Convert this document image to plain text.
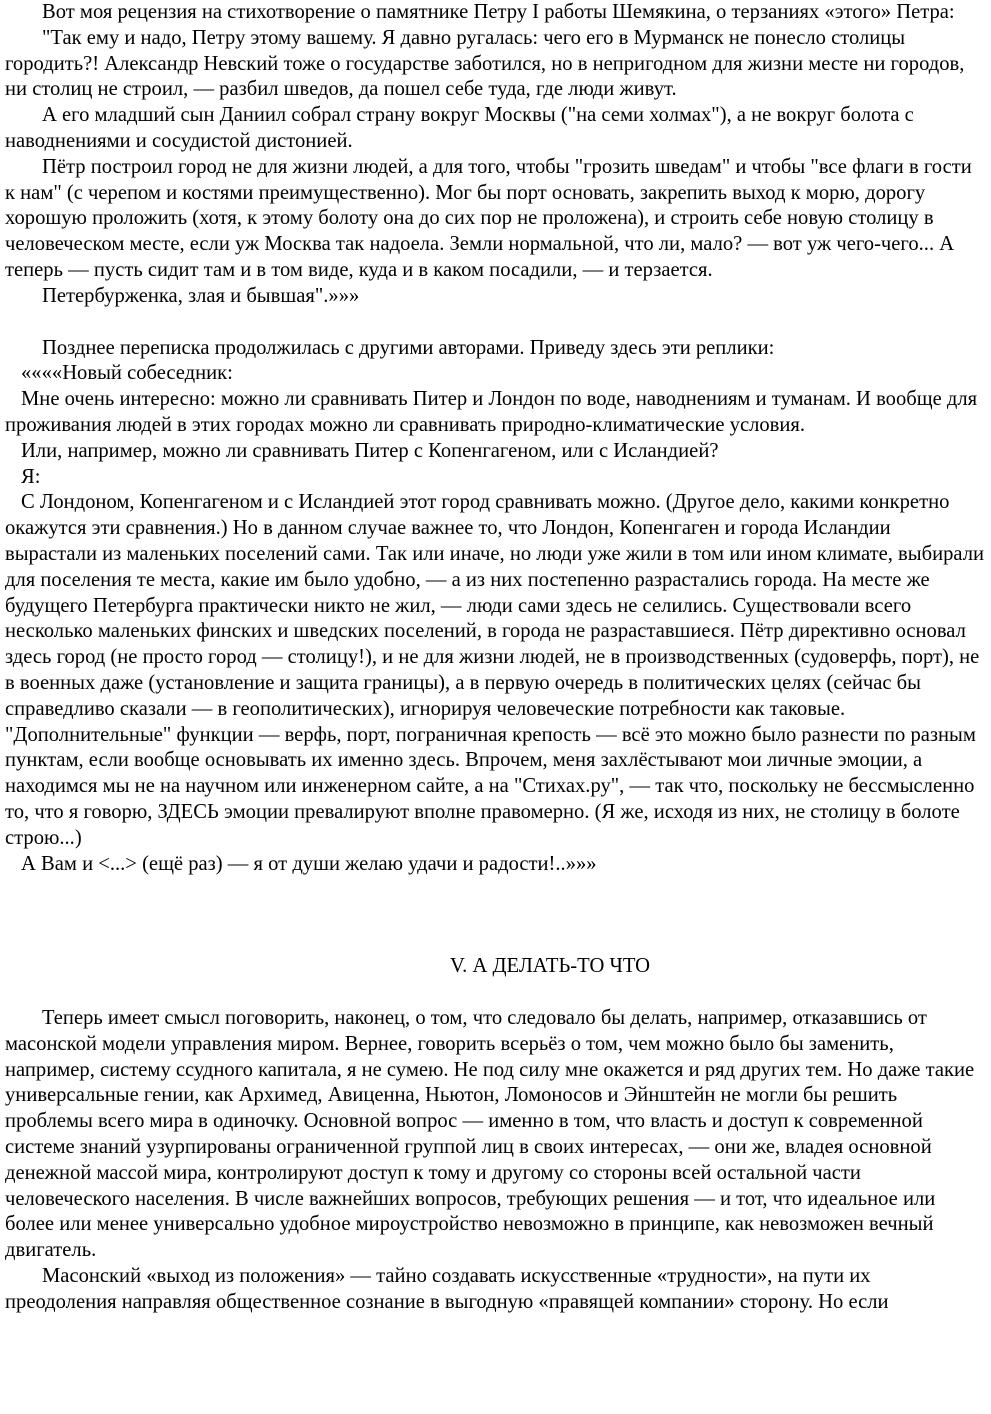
Вот моя рецензия на стихотворение о памятнике Петру I работы Шемякина, о терзаниях «этого» Петра:

"Так ему и надо, Петру этому вашему. Я давно ругалась: чего его в Мурманск не понесло столицы городить?! Александр Невский тоже о государстве заботился, но в непригодном для жизни месте ни городов, ни столиц не строил, — разбил шведов, да пошел себе туда, где люди живут.

А его младший сын Даниил собрал страну вокруг Москвы ("на семи холмах"), а не вокруг болота с наводнениями и сосудистой дистонией.

Пётр построил город не для жизни людей, а для того, чтобы "грозить шведам" и чтобы "все флаги в гости к нам" (с черепом и костями преимущественно). Мог бы порт основать, закрепить выход к морю, дорогу хорошую проложить (хотя, к этому болоту она до сих пор не проложена), и строить себе новую столицу в человеческом месте, если уж Москва так надоела. Земли нормальной, что ли, мало? — вот уж чего-чего... А теперь — пусть сидит там и в том виде, куда и в каком посадили, — и терзается.

Петербурженка, злая и бывшая".»»»

Позднее переписка продолжилась с другими авторами. Приведу здесь эти реплики:

««««Новый собеседник:

Мне очень интересно: можно ли сравнивать Питер и Лондон по воде, наводнениям и туманам. И вообще для проживания людей в этих городах можно ли сравнивать природно-климатические условия.

Или, например, можно ли сравнивать Питер с Копенгагеном, или с Исландией?

Я:

С Лондоном, Копенгагеном и с Исландией этот город сравнивать можно. (Другое дело, какими конкретно окажутся эти сравнения.) Но в данном случае важнее то, что Лондон, Копенгаген и города Исландии вырастали из маленьких поселений сами. Так или иначе, но люди уже жили в том или ином климате, выбирали для поселения те места, какие им было удобно, — а из них постепенно разрастались города. На месте же будущего Петербурга практически никто не жил, — люди сами здесь не селились. Существовали всего несколько маленьких финских и шведских поселений, в города не разраставшиеся. Пётр директивно основал здесь город (не просто город — столицу!), и не для жизни людей, не в производственных (судоверфь, порт), не в военных даже (установление и защита границы), а в первую очередь в политических целях (сейчас бы справедливо сказали — в геополитических), игнорируя человеческие потребности как таковые. "Дополнительные" функции — верфь, порт, пограничная крепость — всё это можно было разнести по разным пунктам, если вообще основывать их именно здесь. Впрочем, меня захлёстывают мои личные эмоции, а находимся мы не на научном или инженерном сайте, а на "Стихах.ру", — так что, поскольку не бессмысленно то, что я говорю, ЗДЕСЬ эмоции превалируют вполне правомерно. (Я же, исходя из них, не столицу в болоте строю...)

А Вам и <...> (ещё раз) — я от души желаю удачи и радости!..»»»

V. А ДЕЛАТЬ-ТО ЧТО

Теперь имеет смысл поговорить, наконец, о том, что следовало бы делать, например, отказавшись от масонской модели управления миром. Вернее, говорить всерьёз о том, чем можно было бы заменить, например, систему ссудного капитала, я не сумею. Не под силу мне окажется и ряд других тем. Но даже такие универсальные гении, как Архимед, Авиценна, Ньютон, Ломоносов и Эйнштейн не могли бы решить проблемы всего мира в одиночку. Основной вопрос — именно в том, что власть и доступ к современной системе знаний узурпированы ограниченной группой лиц в своих интересах, — они же, владея основной денежной массой мира, контролируют доступ к тому и другому со стороны всей остальной части человеческого населения. В числе важнейших вопросов, требующих решения — и тот, что идеальное или более или менее универсально удобное мироустройство невозможно в принципе, как невозможен вечный двигатель.

Масонский «выход из положения» — тайно создавать искусственные «трудности», на пути их преодоления направляя общественное сознание в выгодную «правящей компании» сторону. Но если
